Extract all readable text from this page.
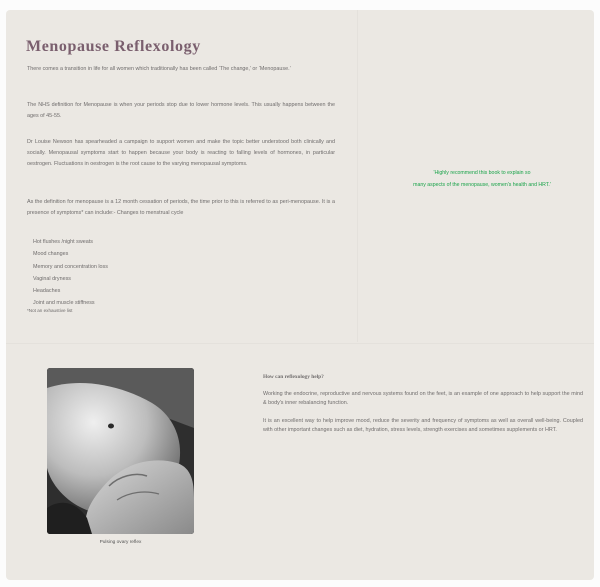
Menopause Reflexology

There comes a transition in life for all women which traditionally has been called ‘The change,’ or ‘Menopause.’

The NHS definition for Menopause is when your periods stop due to lower hormone levels. This usually happens between the ages of 45-55.

Dr Louise Newson has spearheaded a campaign to support women and make the topic better understood both clinically and socially. Menopausal symptoms start to happen because your body is reacting to falling levels of hormones, in particular oestrogen. Fluctuations in oestrogen is the root cause to the varying menopausal symptoms.

As the definition for menopause is a 12 month cessation of periods, the time prior to this is referred to as peri-menopause. It is a presence of symptoms* can include:- Changes to menstrual cycle

Hot flushes /night sweats
Mood changes
Memory and concentration loss
Vaginal dryness
Headaches
Joint and muscle stiffness

*Not an exhaustive list

'Highly recommend this book to explain so
many aspects of the menopause, women's health and HRT.'
Pulsing ovary reflex
How can reflexology help?

Working the endocrine, reproductive and nervous systems found on the feet, is an example of one approach to help support the mind & body's inner rebalancing function.

It is an excellent way to help improve mood, reduce the severity and frequency of symptoms as well as overall well-being. Coupled with other important changes such as diet, hydration, stress levels, strength exercises and sometimes supplements or HRT.
